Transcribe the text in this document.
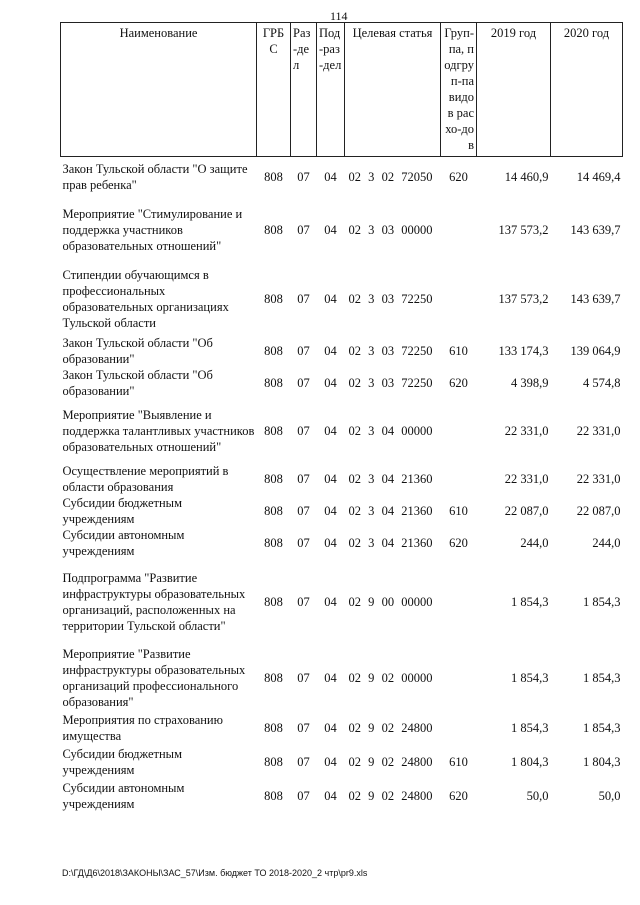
114
Наименование	ГРБС	Раз-дел	Под-раз-дел	Целевая статья	Груп-па, подгруп-па видов расхо-дов	2019 год	2020 год
Закон Тульской области "О защите прав ребенка"	808	07	04	02 3 02 72050	620	14 460,9	14 469,4
Мероприятие "Стимулирование и поддержка участников образовательных отношений"	808	07	04	02 3 03 00000		137 573,2	143 639,7
Стипендии обучающимся в профессиональных образовательных организациях Тульской области	808	07	04	02 3 03 72250		137 573,2	143 639,7
Закон Тульской области "Об образовании"	808	07	04	02 3 03 72250	610	133 174,3	139 064,9
Закон Тульской области "Об образовании"	808	07	04	02 3 03 72250	620	4 398,9	4 574,8
Мероприятие "Выявление и поддержка талантливых участников образовательных отношений"	808	07	04	02 3 04 00000		22 331,0	22 331,0
Осуществление мероприятий в области образования	808	07	04	02 3 04 21360		22 331,0	22 331,0
Субсидии бюджетным учреждениям	808	07	04	02 3 04 21360	610	22 087,0	22 087,0
Субсидии автономным учреждениям	808	07	04	02 3 04 21360	620	244,0	244,0
Подпрограмма "Развитие инфраструктуры образовательных организаций, расположенных на территории Тульской области"	808	07	04	02 9 00 00000		1 854,3	1 854,3
Мероприятие "Развитие инфраструктуры образовательных организаций профессионального образования"	808	07	04	02 9 02 00000		1 854,3	1 854,3
Мероприятия по страхованию имущества	808	07	04	02 9 02 24800		1 854,3	1 854,3
Субсидии бюджетным учреждениям	808	07	04	02 9 02 24800	610	1 804,3	1 804,3
Субсидии автономным учреждениям	808	07	04	02 9 02 24800	620	50,0	50,0
D:\ГД\Д6\2018\ЗАКОНЫ\ЗАС_57\Изм. бюджет ТО 2018-2020_2 чтр\pr9.xls
